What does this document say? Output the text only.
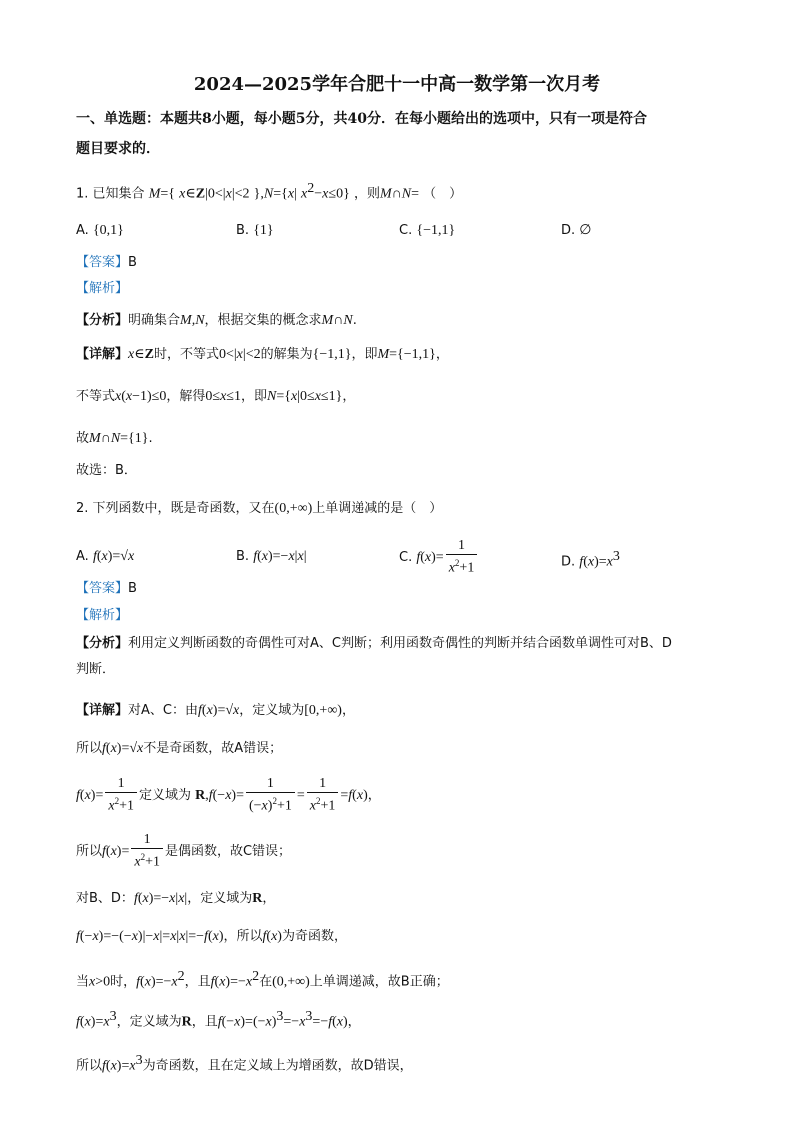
2024—2025学年合肥十一中高一数学第一次月考
一、单选题：本题共8小题，每小题5分，共40分．在每小题给出的选项中，只有一项是符合
题目要求的．
1. 已知集合 M={ x∈Z|0<|x|<2 },N={x| $x^2-x\le 0$} ，则M∩N= （　）
A. {0,1}	B. {1}	C. {−1,1}	D. ∅
【答案】B
【解析】
【分析】明确集合M,N，根据交集的概念求M∩N.
【详解】x∈Z时，不等式0<|x|<2的解集为{−1,1}，即M={−1,1}，
不等式x(x−1)≤0，解得0≤x≤1，即N={x|0≤x≤1}，
故M∩N={1}.
故选：B．
2. 下列函数中，既是奇函数，又在(0,+∞)上单调递减的是（　）
A. f(x)=√x	B. f(x)=−x|x|	C. $f(x)= \frac{1}{x^2+1}$	D. $f(x)=x^3$
【答案】B
【解析】
【分析】利用定义判断函数的奇偶性可对A、C判断；利用函数奇偶性的判断并结合函数单调性可对B、D
判断．
【详解】对A、C：由f(x)=√x，定义域为[0,+∞)，
所以f(x)=√x不是奇函数，故A错误；
$f(x)= \frac{1}{x^2+1}$ 定义域为 $R,f(-x)= \frac{1}{(-x)^2+1} = \frac{1}{x^2+1} =f(x)$，
所以$f(x)= \frac{1}{x^2+1}$ 是偶函数，故C错误；
对B、D：f(x)=−x|x|，定义域为R，
f(−x)=−(−x)|−x|=x|x|=−f(x)，所以f(x)为奇函数，
当x>0时，$f(x)=-x^2$，且$f(x)=-x^2$在(0,+∞)上单调递减，故B正确；
$f(x)=x^3$，定义域为R，且$f(-x)=(-x)^3=-x^3=-f(x)$，
所以$f(x)=x^3$为奇函数，且在定义域上为增函数，故D错误，
